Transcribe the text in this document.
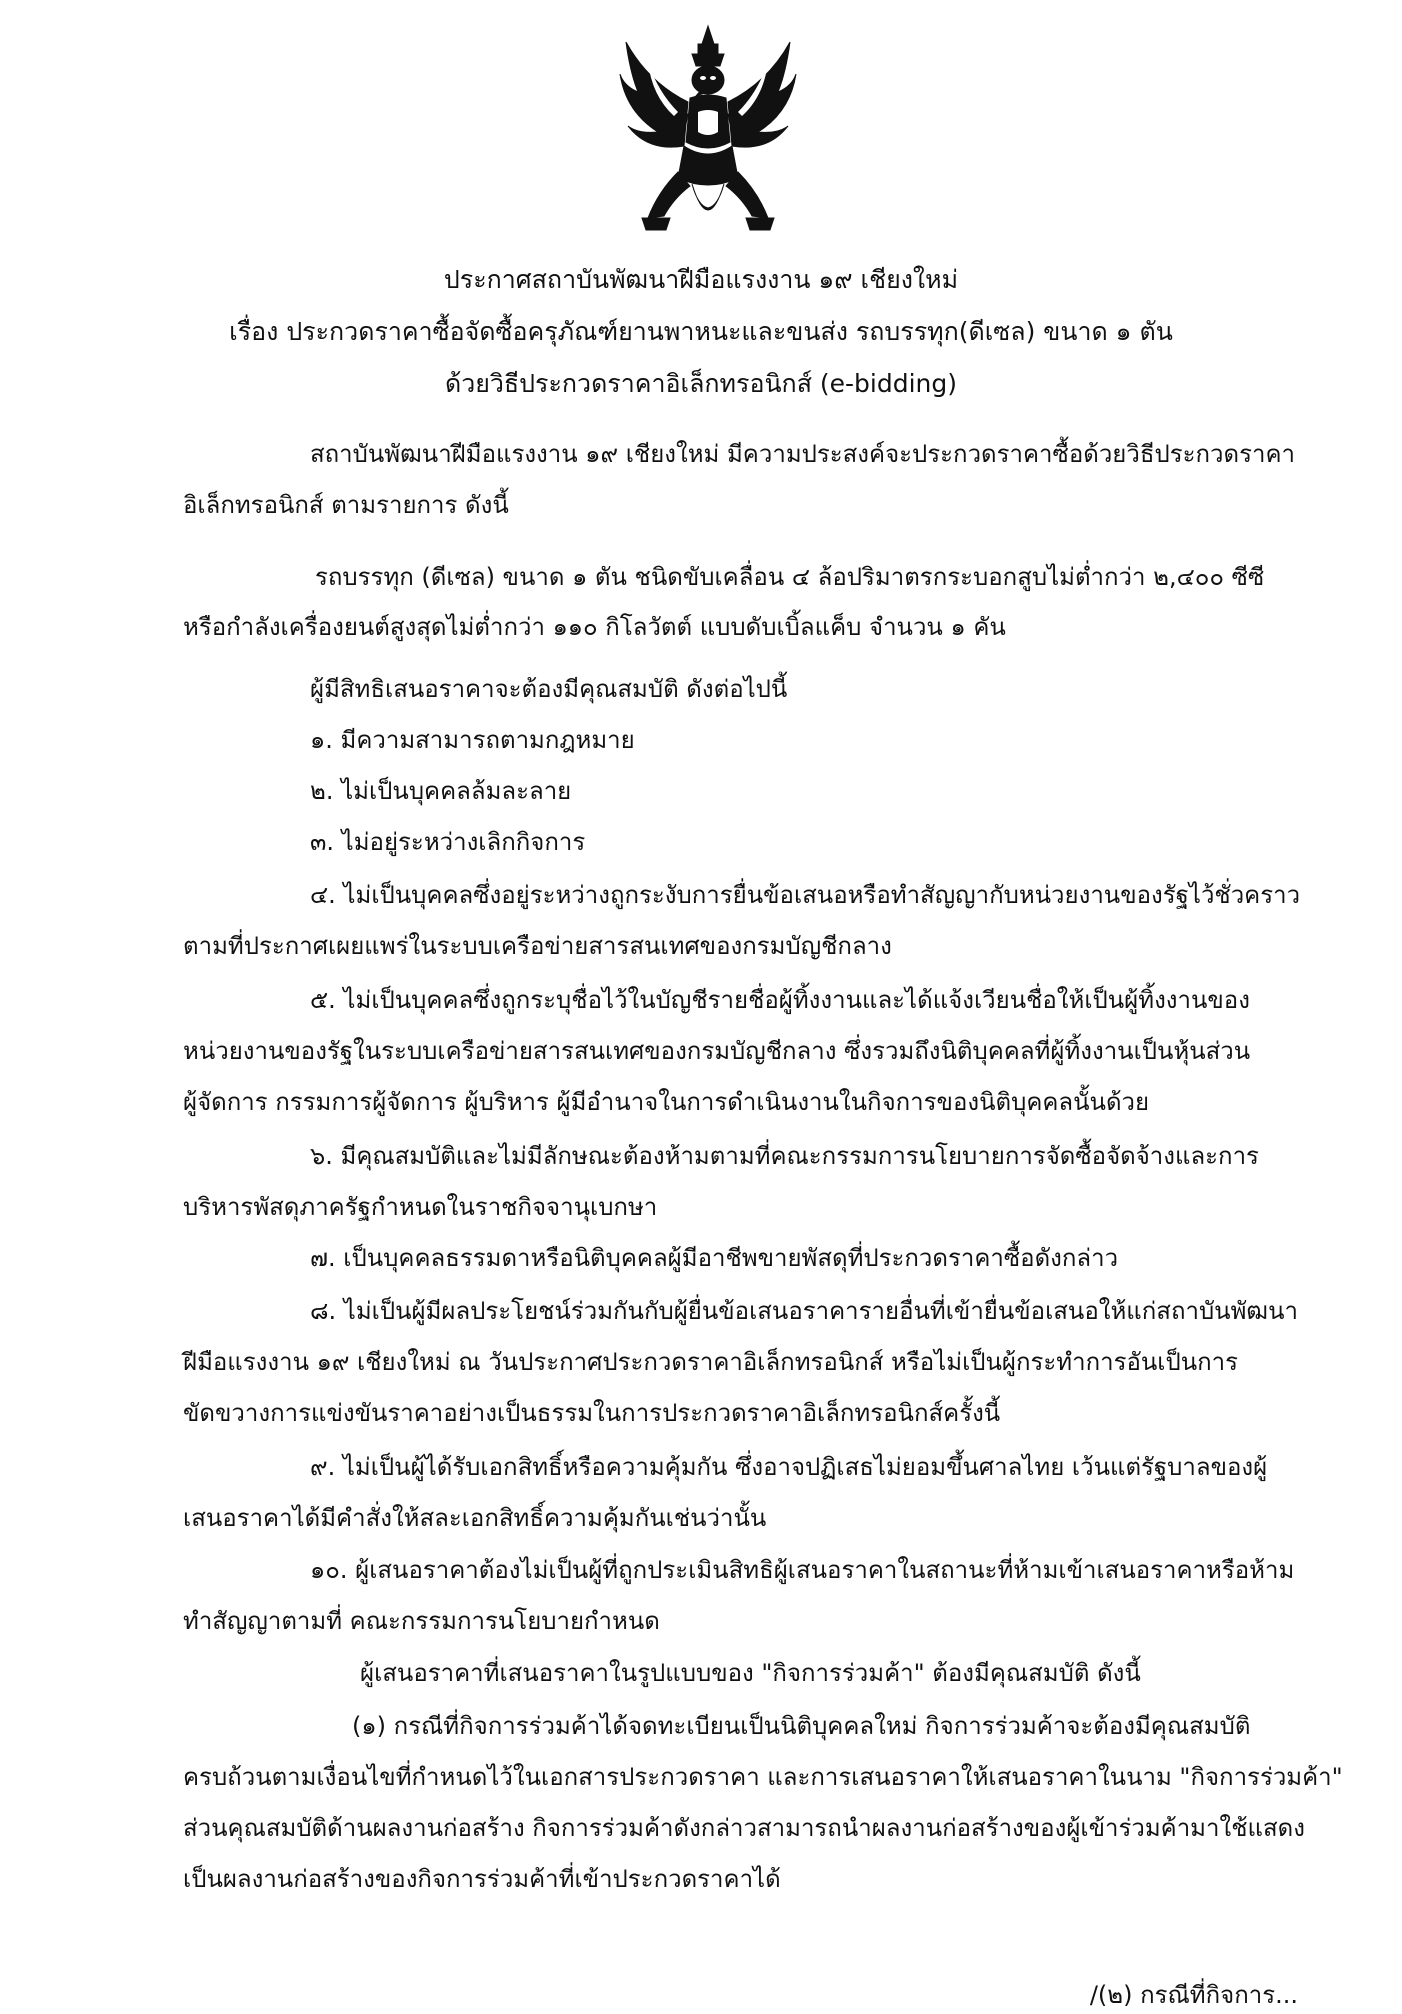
ประกาศสถาบันพัฒนาฝีมือแรงงาน ๑๙ เชียงใหม่
เรื่อง ประกวดราคาซื้อจัดซื้อครุภัณฑ์ยานพาหนะและขนส่ง รถบรรทุก(ดีเซล) ขนาด ๑ ตัน
ด้วยวิธีประกวดราคาอิเล็กทรอนิกส์ (e-bidding)
สถาบันพัฒนาฝีมือแรงงาน ๑๙ เชียงใหม่ มีความประสงค์จะประกวดราคาซื้อด้วยวิธีประกวดราคา
อิเล็กทรอนิกส์ ตามรายการ ดังนี้
รถบรรทุก (ดีเซล) ขนาด ๑ ตัน ชนิดขับเคลื่อน ๔ ล้อปริมาตรกระบอกสูบไม่ต่ำกว่า ๒,๔๐๐ ซีซี
หรือกำลังเครื่องยนต์สูงสุดไม่ต่ำกว่า ๑๑๐ กิโลวัตต์ แบบดับเบิ้ลแค็บ จำนวน ๑ คัน
ผู้มีสิทธิเสนอราคาจะต้องมีคุณสมบัติ ดังต่อไปนี้
๑. มีความสามารถตามกฎหมาย
๒. ไม่เป็นบุคคลล้มละลาย
๓. ไม่อยู่ระหว่างเลิกกิจการ
๔. ไม่เป็นบุคคลซึ่งอยู่ระหว่างถูกระงับการยื่นข้อเสนอหรือทำสัญญากับหน่วยงานของรัฐไว้ชั่วคราว
ตามที่ประกาศเผยแพร่ในระบบเครือข่ายสารสนเทศของกรมบัญชีกลาง
๕. ไม่เป็นบุคคลซึ่งถูกระบุชื่อไว้ในบัญชีรายชื่อผู้ทิ้งงานและได้แจ้งเวียนชื่อให้เป็นผู้ทิ้งงานของ
หน่วยงานของรัฐในระบบเครือข่ายสารสนเทศของกรมบัญชีกลาง ซึ่งรวมถึงนิติบุคคลที่ผู้ทิ้งงานเป็นหุ้นส่วน
ผู้จัดการ กรรมการผู้จัดการ ผู้บริหาร ผู้มีอำนาจในการดำเนินงานในกิจการของนิติบุคคลนั้นด้วย
๖. มีคุณสมบัติและไม่มีลักษณะต้องห้ามตามที่คณะกรรมการนโยบายการจัดซื้อจัดจ้างและการ
บริหารพัสดุภาครัฐกำหนดในราชกิจจานุเบกษา
๗. เป็นบุคคลธรรมดาหรือนิติบุคคลผู้มีอาชีพขายพัสดุที่ประกวดราคาซื้อดังกล่าว
๘. ไม่เป็นผู้มีผลประโยชน์ร่วมกันกับผู้ยื่นข้อเสนอราคารายอื่นที่เข้ายื่นข้อเสนอให้แก่สถาบันพัฒนา
ฝีมือแรงงาน ๑๙ เชียงใหม่ ณ วันประกาศประกวดราคาอิเล็กทรอนิกส์ หรือไม่เป็นผู้กระทำการอันเป็นการ
ขัดขวางการแข่งขันราคาอย่างเป็นธรรมในการประกวดราคาอิเล็กทรอนิกส์ครั้งนี้
๙. ไม่เป็นผู้ได้รับเอกสิทธิ์หรือความคุ้มกัน ซึ่งอาจปฏิเสธไม่ยอมขึ้นศาลไทย เว้นแต่รัฐบาลของผู้
เสนอราคาได้มีคำสั่งให้สละเอกสิทธิ์ความคุ้มกันเช่นว่านั้น
๑๐. ผู้เสนอราคาต้องไม่เป็นผู้ที่ถูกประเมินสิทธิผู้เสนอราคาในสถานะที่ห้ามเข้าเสนอราคาหรือห้าม
ทำสัญญาตามที่ คณะกรรมการนโยบายกำหนด
ผู้เสนอราคาที่เสนอราคาในรูปแบบของ "กิจการร่วมค้า" ต้องมีคุณสมบัติ ดังนี้
(๑) กรณีที่กิจการร่วมค้าได้จดทะเบียนเป็นนิติบุคคลใหม่ กิจการร่วมค้าจะต้องมีคุณสมบัติ
ครบถ้วนตามเงื่อนไขที่กำหนดไว้ในเอกสารประกวดราคา และการเสนอราคาให้เสนอราคาในนาม "กิจการร่วมค้า"
ส่วนคุณสมบัติด้านผลงานก่อสร้าง กิจการร่วมค้าดังกล่าวสามารถนำผลงานก่อสร้างของผู้เข้าร่วมค้ามาใช้แสดง
เป็นผลงานก่อสร้างของกิจการร่วมค้าที่เข้าประกวดราคาได้
/(๒) กรณีที่กิจการ...
